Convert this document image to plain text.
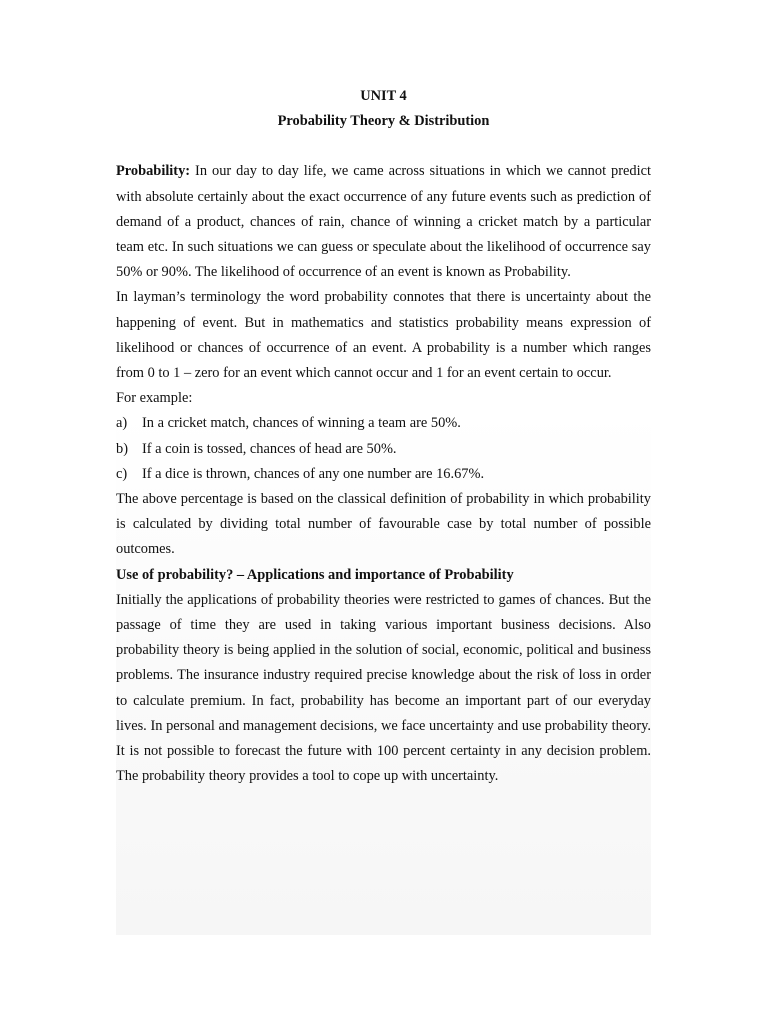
UNIT 4

Probability Theory & Distribution

Probability: In our day to day life, we came across situations in which we cannot predict with absolute certainly about the exact occurrence of any future events such as prediction of demand of a product, chances of rain, chance of winning a cricket match by a particular team etc. In such situations we can guess or speculate about the likelihood of occurrence say 50% or 90%. The likelihood of occurrence of an event is known as Probability.

In layman’s terminology the word probability connotes that there is uncertainty about the happening of event. But in mathematics and statistics probability means expression of likelihood or chances of occurrence of an event. A probability is a number which ranges from 0 to 1 – zero for an event which cannot occur and 1 for an event certain to occur.

For example:

a)	In a cricket match, chances of winning a team are 50%.
b) If a coin is tossed, chances of head are 50%.
c)	If a dice is thrown, chances of any one number are 16.67%.

The above percentage is based on the classical definition of probability in which probability is calculated by dividing total number of favourable case by total number of possible outcomes.

Use of probability? – Applications and importance of Probability

Initially the applications of probability theories were restricted to games of chances. But the passage of time they are used in taking various important business decisions. Also probability theory is being applied in the solution of social, economic, political and business problems. The insurance industry required precise knowledge about the risk of loss in order to calculate premium. In fact, probability has become an important part of our everyday lives. In personal and management decisions, we face uncertainty and use probability theory. It is not possible to forecast the future with 100 percent certainty in any decision problem. The probability theory provides a tool to cope up with uncertainty.
